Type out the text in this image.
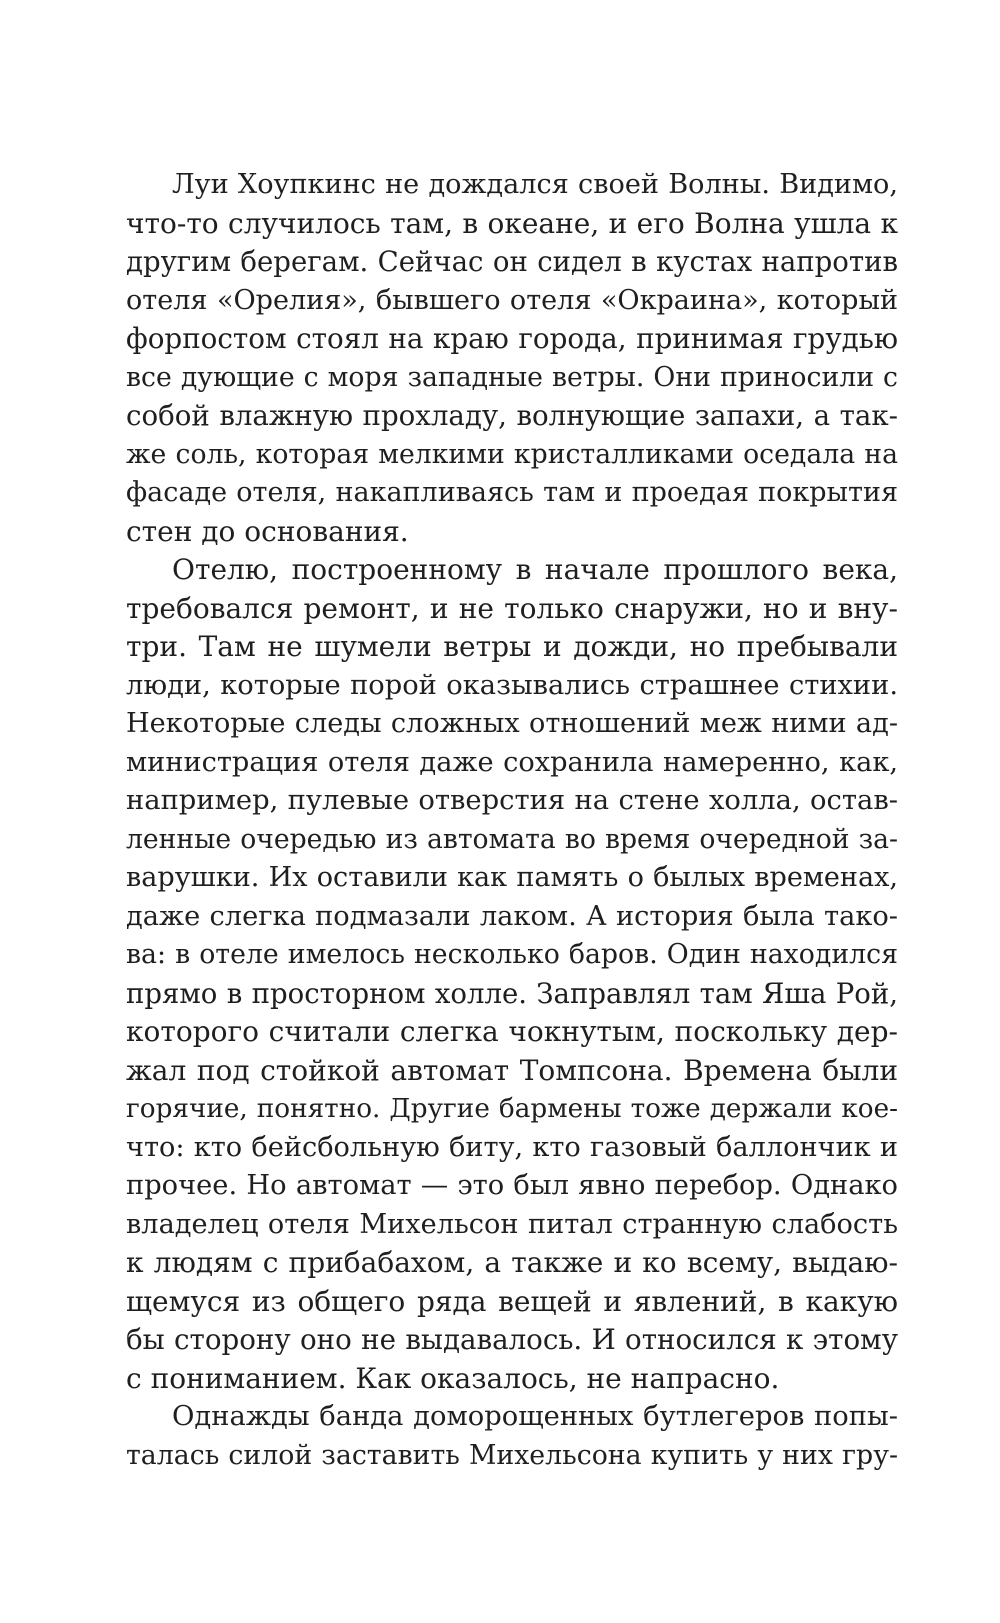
Луи Хоупкинс не дождался своей Волны. Видимо,
что-то случилось там, в океане, и его Волна ушла к
другим берегам. Сейчас он сидел в кустах напротив
отеля «Орелия», бывшего отеля «Окраина», который
форпостом стоял на краю города, принимая грудью
все дующие с моря западные ветры. Они приносили с
собой влажную прохладу, волнующие запахи, а так-
же соль, которая мелкими кристалликами оседала на
фасаде отеля, накапливаясь там и проедая покрытия
стен до основания.
Отелю, построенному в начале прошлого века,
требовался ремонт, и не только снаружи, но и вну-
три. Там не шумели ветры и дожди, но пребывали
люди, которые порой оказывались страшнее стихии.
Некоторые следы сложных отношений меж ними ад-
министрация отеля даже сохранила намеренно, как,
например, пулевые отверстия на стене холла, остав-
ленные очередью из автомата во время очередной за-
варушки. Их оставили как память о былых временах,
даже слегка подмазали лаком. А история была тако-
ва: в отеле имелось несколько баров. Один находился
прямо в просторном холле. Заправлял там Яша Рой,
которого считали слегка чокнутым, поскольку дер-
жал под стойкой автомат Томпсона. Времена были
горячие, понятно. Другие бармены тоже держали кое-
что: кто бейсбольную биту, кто газовый баллончик и
прочее. Но автомат — это был явно перебор. Однако
владелец отеля Михельсон питал странную слабость
к людям с прибабахом, а также и ко всему, выдаю-
щемуся из общего ряда вещей и явлений, в какую
бы сторону оно не выдавалось. И относился к этому
с пониманием. Как оказалось, не напрасно.
Однажды банда доморощенных бутлегеров попы-
талась силой заставить Михельсона купить у них гру-
